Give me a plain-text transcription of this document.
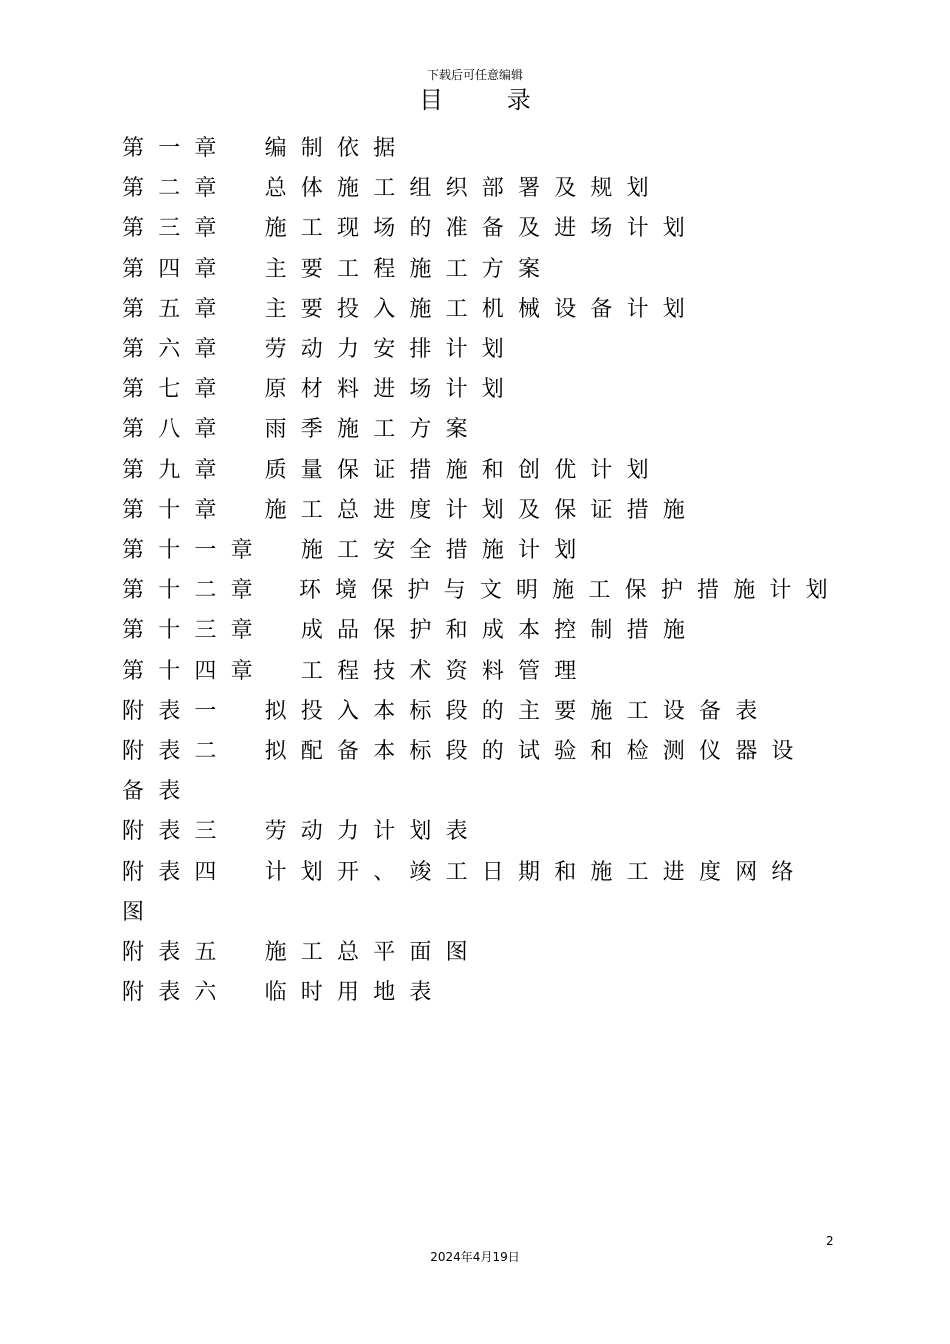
下载后可任意编辑
目 录
第一章 编制依据
第二章 总体施工组织部署及规划
第三章 施工现场的准备及进场计划
第四章 主要工程施工方案
第五章 主要投入施工机械设备计划
第六章 劳动力安排计划
第七章 原材料进场计划
第八章 雨季施工方案
第九章 质量保证措施和创优计划
第十章 施工总进度计划及保证措施
第十一章 施工安全措施计划
第十二章 环境保护与文明施工保护措施计划
第十三章 成品保护和成本控制措施
第十四章 工程技术资料管理
附表一 拟投入本标段的主要施工设备表
附表二 拟配备本标段的试验和检测仪器设备表
附表三 劳动力计划表
附表四 计划开、竣工日期和施工进度网络图
附表五 施工总平面图
附表六 临时用地表
2
2024年4月19日
